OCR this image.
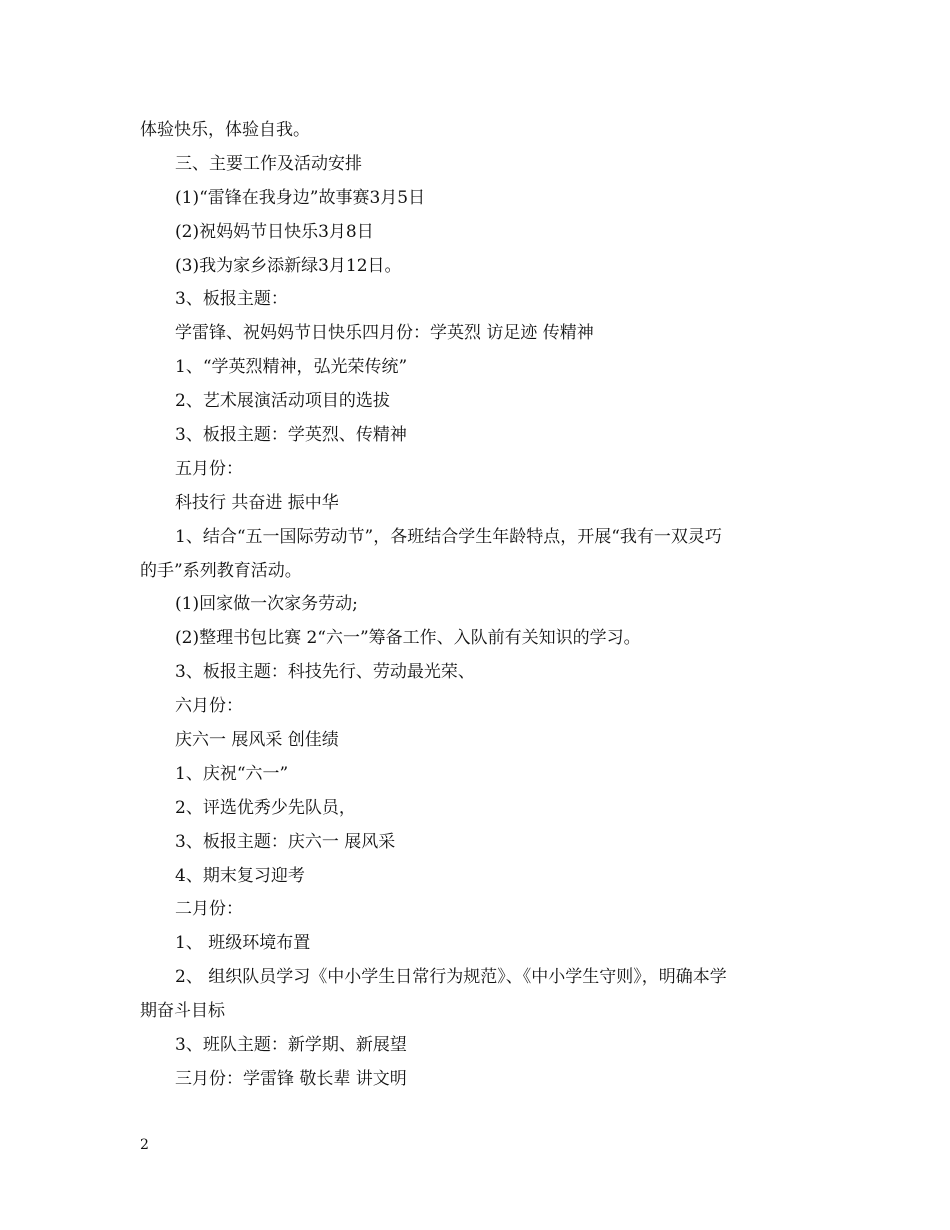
体验快乐，体验自我。
三、主要工作及活动安排
(1)“雷锋在我身边”故事赛3月5日
(2)祝妈妈节日快乐3月8日
(3)我为家乡添新绿3月12日。
3、板报主题：
学雷锋、祝妈妈节日快乐四月份：学英烈 访足迹 传精神
1、“学英烈精神，弘光荣传统”
2、艺术展演活动项目的选拔
3、板报主题：学英烈、传精神
五月份：
科技行 共奋进 振中华
1、结合“五一国际劳动节”，各班结合学生年龄特点，开展“我有一双灵巧
的手”系列教育活动。
(1)回家做一次家务劳动;
(2)整理书包比赛 2“六一”筹备工作、入队前有关知识的学习。
3、板报主题：科技先行、劳动最光荣、
六月份：
庆六一 展风采 创佳绩
1、庆祝“六一”
2、评选优秀少先队员，
3、板报主题：庆六一 展风采
4、期末复习迎考
二月份：
1、 班级环境布置
2、 组织队员学习《中小学生日常行为规范》、《中小学生守则》，明确本学
期奋斗目标
3、班队主题：新学期、新展望
三月份：学雷锋 敬长辈 讲文明
2
